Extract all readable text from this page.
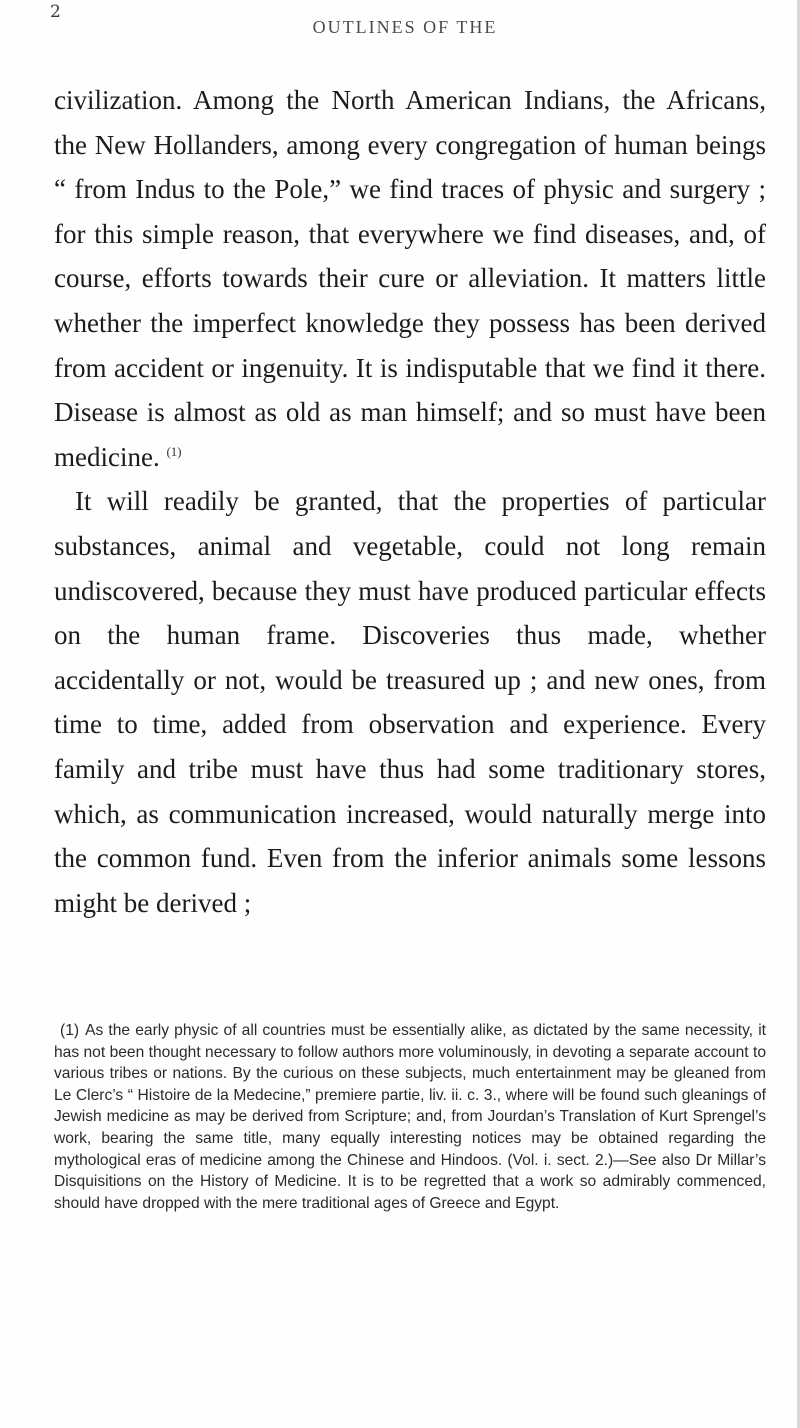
2
OUTLINES OF THE

civilization. Among the North American Indians, the Africans, the New Hollanders, among every congregation of human beings “ from Indus to the Pole,” we find traces of physic and surgery ; for this simple reason, that everywhere we find diseases, and, of course, efforts towards their cure or alleviation. It matters little whether the imperfect knowledge they possess has been derived from accident or ingenuity. It is indisputable that we find it there. Disease is almost as old as man himself; and so must have been medicine. $^{(1)}$

It will readily be granted, that the properties of particular substances, animal and vegetable, could not long remain undiscovered, because they must have produced particular effects on the human frame. Discoveries thus made, whether accidentally or not, would be treasured up ; and new ones, from time to time, added from observation and experience. Every family and tribe must have thus had some traditionary stores, which, as communication increased, would naturally merge into the common fund. Even from the inferior animals some lessons might be derived ;

(1) As the early physic of all countries must be essentially alike, as dictated by the same necessity, it has not been thought necessary to follow authors more voluminously, in devoting a separate account to various tribes or nations. By the curious on these subjects, much entertainment may be gleaned from Le Clerc’s “ Histoire de la Medecine,” premiere partie, liv. ii. c. 3., where will be found such gleanings of Jewish medicine as may be derived from Scripture; and, from Jourdan’s Translation of Kurt Sprengel’s work, bearing the same title, many equally interesting notices may be obtained regarding the mythological eras of medicine among the Chinese and Hindoos. (Vol. i. sect. 2.)—See also Dr Millar’s Disquisitions on the History of Medicine. It is to be regretted that a work so admirably commenced, should have dropped with the mere traditional ages of Greece and Egypt.
